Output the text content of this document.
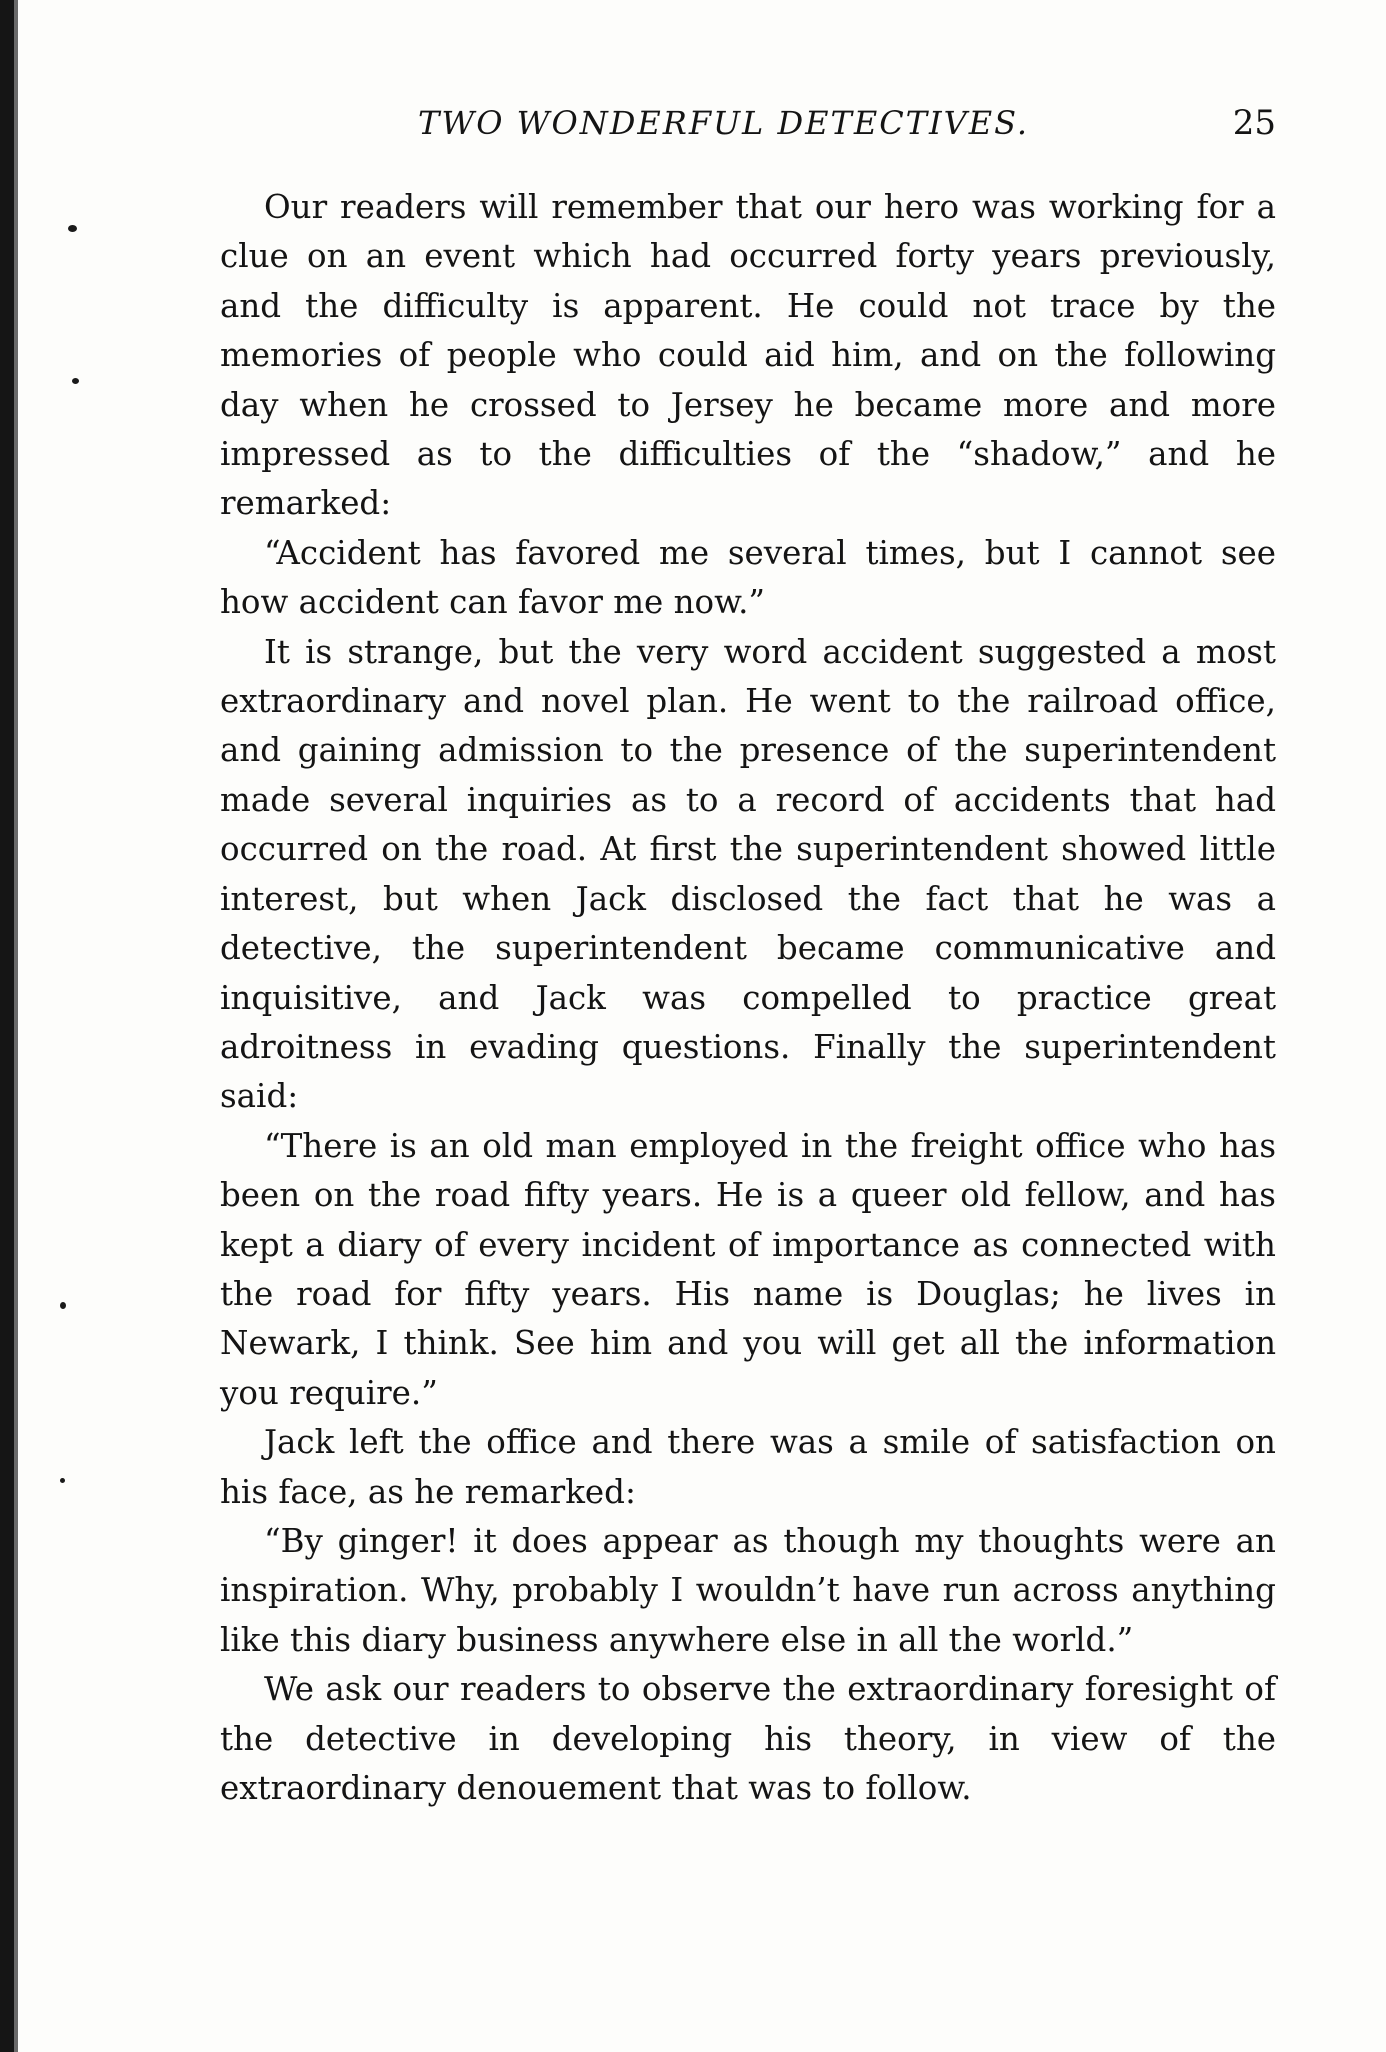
TWO WONDERFUL DETECTIVES.	25

Our readers will remember that our hero was working for a clue on an event which had occurred forty years previously, and the difficulty is apparent. He could not trace by the memories of people who could aid him, and on the following day when he crossed to Jersey he became more and more impressed as to the difficulties of the “shadow,” and he remarked:

“Accident has favored me several times, but I cannot see how accident can favor me now.”

It is strange, but the very word accident suggested a most extraordinary and novel plan. He went to the railroad office, and gaining admission to the presence of the superintendent made several inquiries as to a record of accidents that had occurred on the road. At first the superintendent showed little interest, but when Jack disclosed the fact that he was a detective, the superintendent became communicative and inquisitive, and Jack was compelled to practice great adroitness in evading questions. Finally the superintendent said:

“There is an old man employed in the freight office who has been on the road fifty years. He is a queer old fellow, and has kept a diary of every incident of importance as connected with the road for fifty years. His name is Douglas; he lives in Newark, I think. See him and you will get all the information you require.”

Jack left the office and there was a smile of satisfaction on his face, as he remarked:

“By ginger! it does appear as though my thoughts were an inspiration. Why, probably I wouldn’t have run across anything like this diary business anywhere else in all the world.”

We ask our readers to observe the extraordinary foresight of the detective in developing his theory, in view of the extraordinary denouement that was to follow.
